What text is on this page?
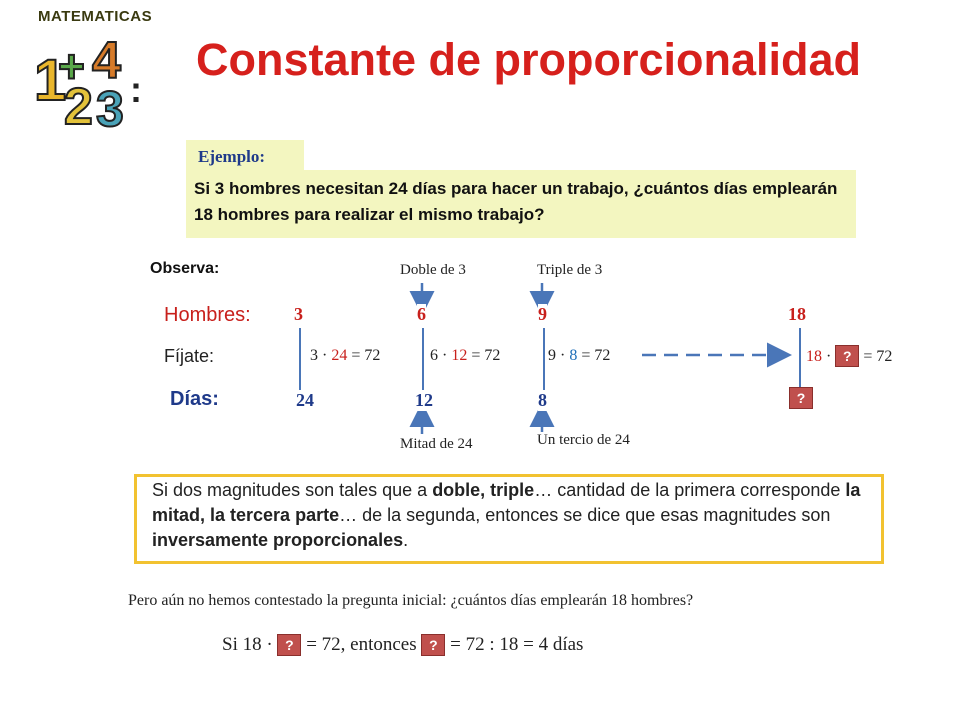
MATEMATICAS
1
+ 4
2 3 :
Constante de proporcionalidad
Ejemplo:
Si 3 hombres necesitan 24 días para hacer un trabajo, ¿cuántos días emplearán 18 hombres para realizar el mismo trabajo?
Observa:	Doble de 3	Triple de 3
Hombres:
Fíjate:
Días:
3	6	9	18
3 · 24 = 72	6 · 12 = 72	9 · 8 = 72	18 · ? = 72
24	12	8	?
Mitad de 24	Un tercio de 24
Si dos magnitudes son tales que a doble, triple… cantidad de la primera corresponde la mitad, la tercera parte… de la segunda, entonces se dice que esas magnitudes son inversamente proporcionales.
Pero aún no hemos contestado la pregunta inicial: ¿cuántos días emplearán 18 hombres?
Si 18 · ? = 72, entonces ? = 72 : 18 = 4 días
